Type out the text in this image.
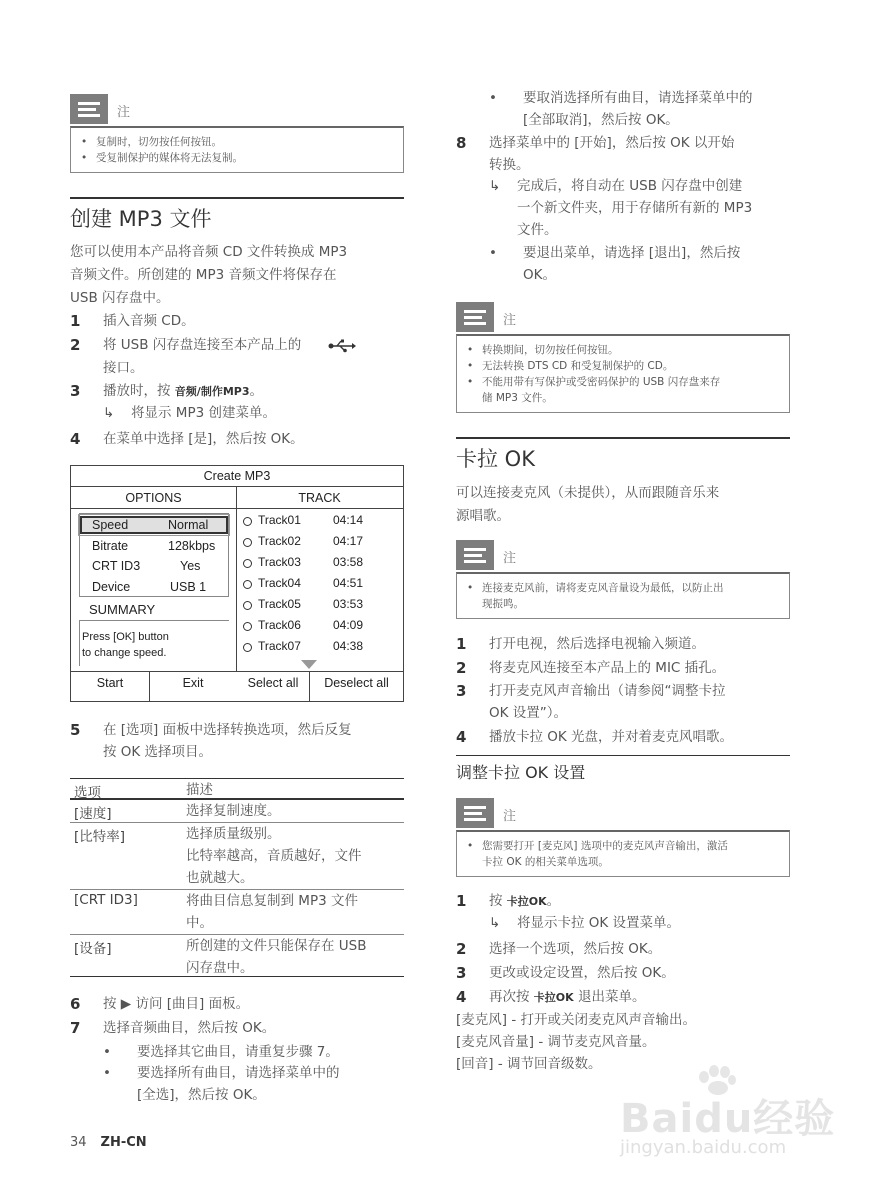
注
• 复制时，切勿按任何按钮。
• 受复制保护的媒体将无法复制。
创建 MP3 文件
您可以使用本产品将音频 CD 文件转换成 MP3
音频文件。所创建的 MP3 音频文件将保存在
USB 闪存盘中。
1 插入音频 CD。
2 将 USB 闪存盘连接至本产品上的
接口。
3 播放时，按 音频/制作MP3。
↳ 将显示 MP3 创建菜单。
4 在菜单中选择 [是]，然后按 OK。
Create MP3
OPTIONS	TRACK
Speed	Normal
Bitrate	128kbps
CRT ID3	Yes
Device	USB 1
SUMMARY
Press [OK] button
to change speed.
Track01	04:14
Track02	04:17
Track03	03:58
Track04	04:51
Track05	03:53
Track06	04:09
Track07	04:38
Start	Exit	Select all	Deselect all
5 在 [选项] 面板中选择转换选项，然后反复
按 OK 选择项目。
选项	描述
[速度]	选择复制速度。
[比特率]	选择质量级别。
比特率越高，音质越好，文件
也就越大。
[CRT ID3]	将曲目信息复制到 MP3 文件
中。
[设备]	所创建的文件只能保存在 USB
闪存盘中。
6 按 ▶ 访问 [曲目] 面板。
7 选择音频曲目，然后按 OK。
• 要选择其它曲目，请重复步骤 7。
• 要选择所有曲目，请选择菜单中的
[全选]，然后按 OK。
34 ZH-CN
• 要取消选择所有曲目，请选择菜单中的
[全部取消]，然后按 OK。
8 选择菜单中的 [开始]，然后按 OK 以开始
转换。
↳ 完成后，将自动在 USB 闪存盘中创建
一个新文件夹，用于存储所有新的 MP3
文件。
• 要退出菜单，请选择 [退出]，然后按
OK。
注
• 转换期间，切勿按任何按钮。
• 无法转换 DTS CD 和受复制保护的 CD。
• 不能用带有写保护或受密码保护的 USB 闪存盘来存
储 MP3 文件。
卡拉 OK
可以连接麦克风（未提供），从而跟随音乐来
源唱歌。
注
• 连接麦克风前，请将麦克风音量设为最低，以防止出
现振鸣。
1 打开电视，然后选择电视输入频道。
2 将麦克风连接至本产品上的 MIC 插孔。
3 打开麦克风声音输出（请参阅“调整卡拉
OK 设置”）。
4 播放卡拉 OK 光盘，并对着麦克风唱歌。
调整卡拉 OK 设置
注
• 您需要打开 [麦克风] 选项中的麦克风声音输出，激活
卡拉 OK 的相关菜单选项。
1 按 卡拉OK。
↳ 将显示卡拉 OK 设置菜单。
2 选择一个选项，然后按 OK。
3 更改或设定设置，然后按 OK。
4 再次按 卡拉OK 退出菜单。
[麦克风] - 打开或关闭麦克风声音输出。
[麦克风音量] - 调节麦克风音量。
[回音] - 调节回音级数。
Baidu经验
jingyan.baidu.com
